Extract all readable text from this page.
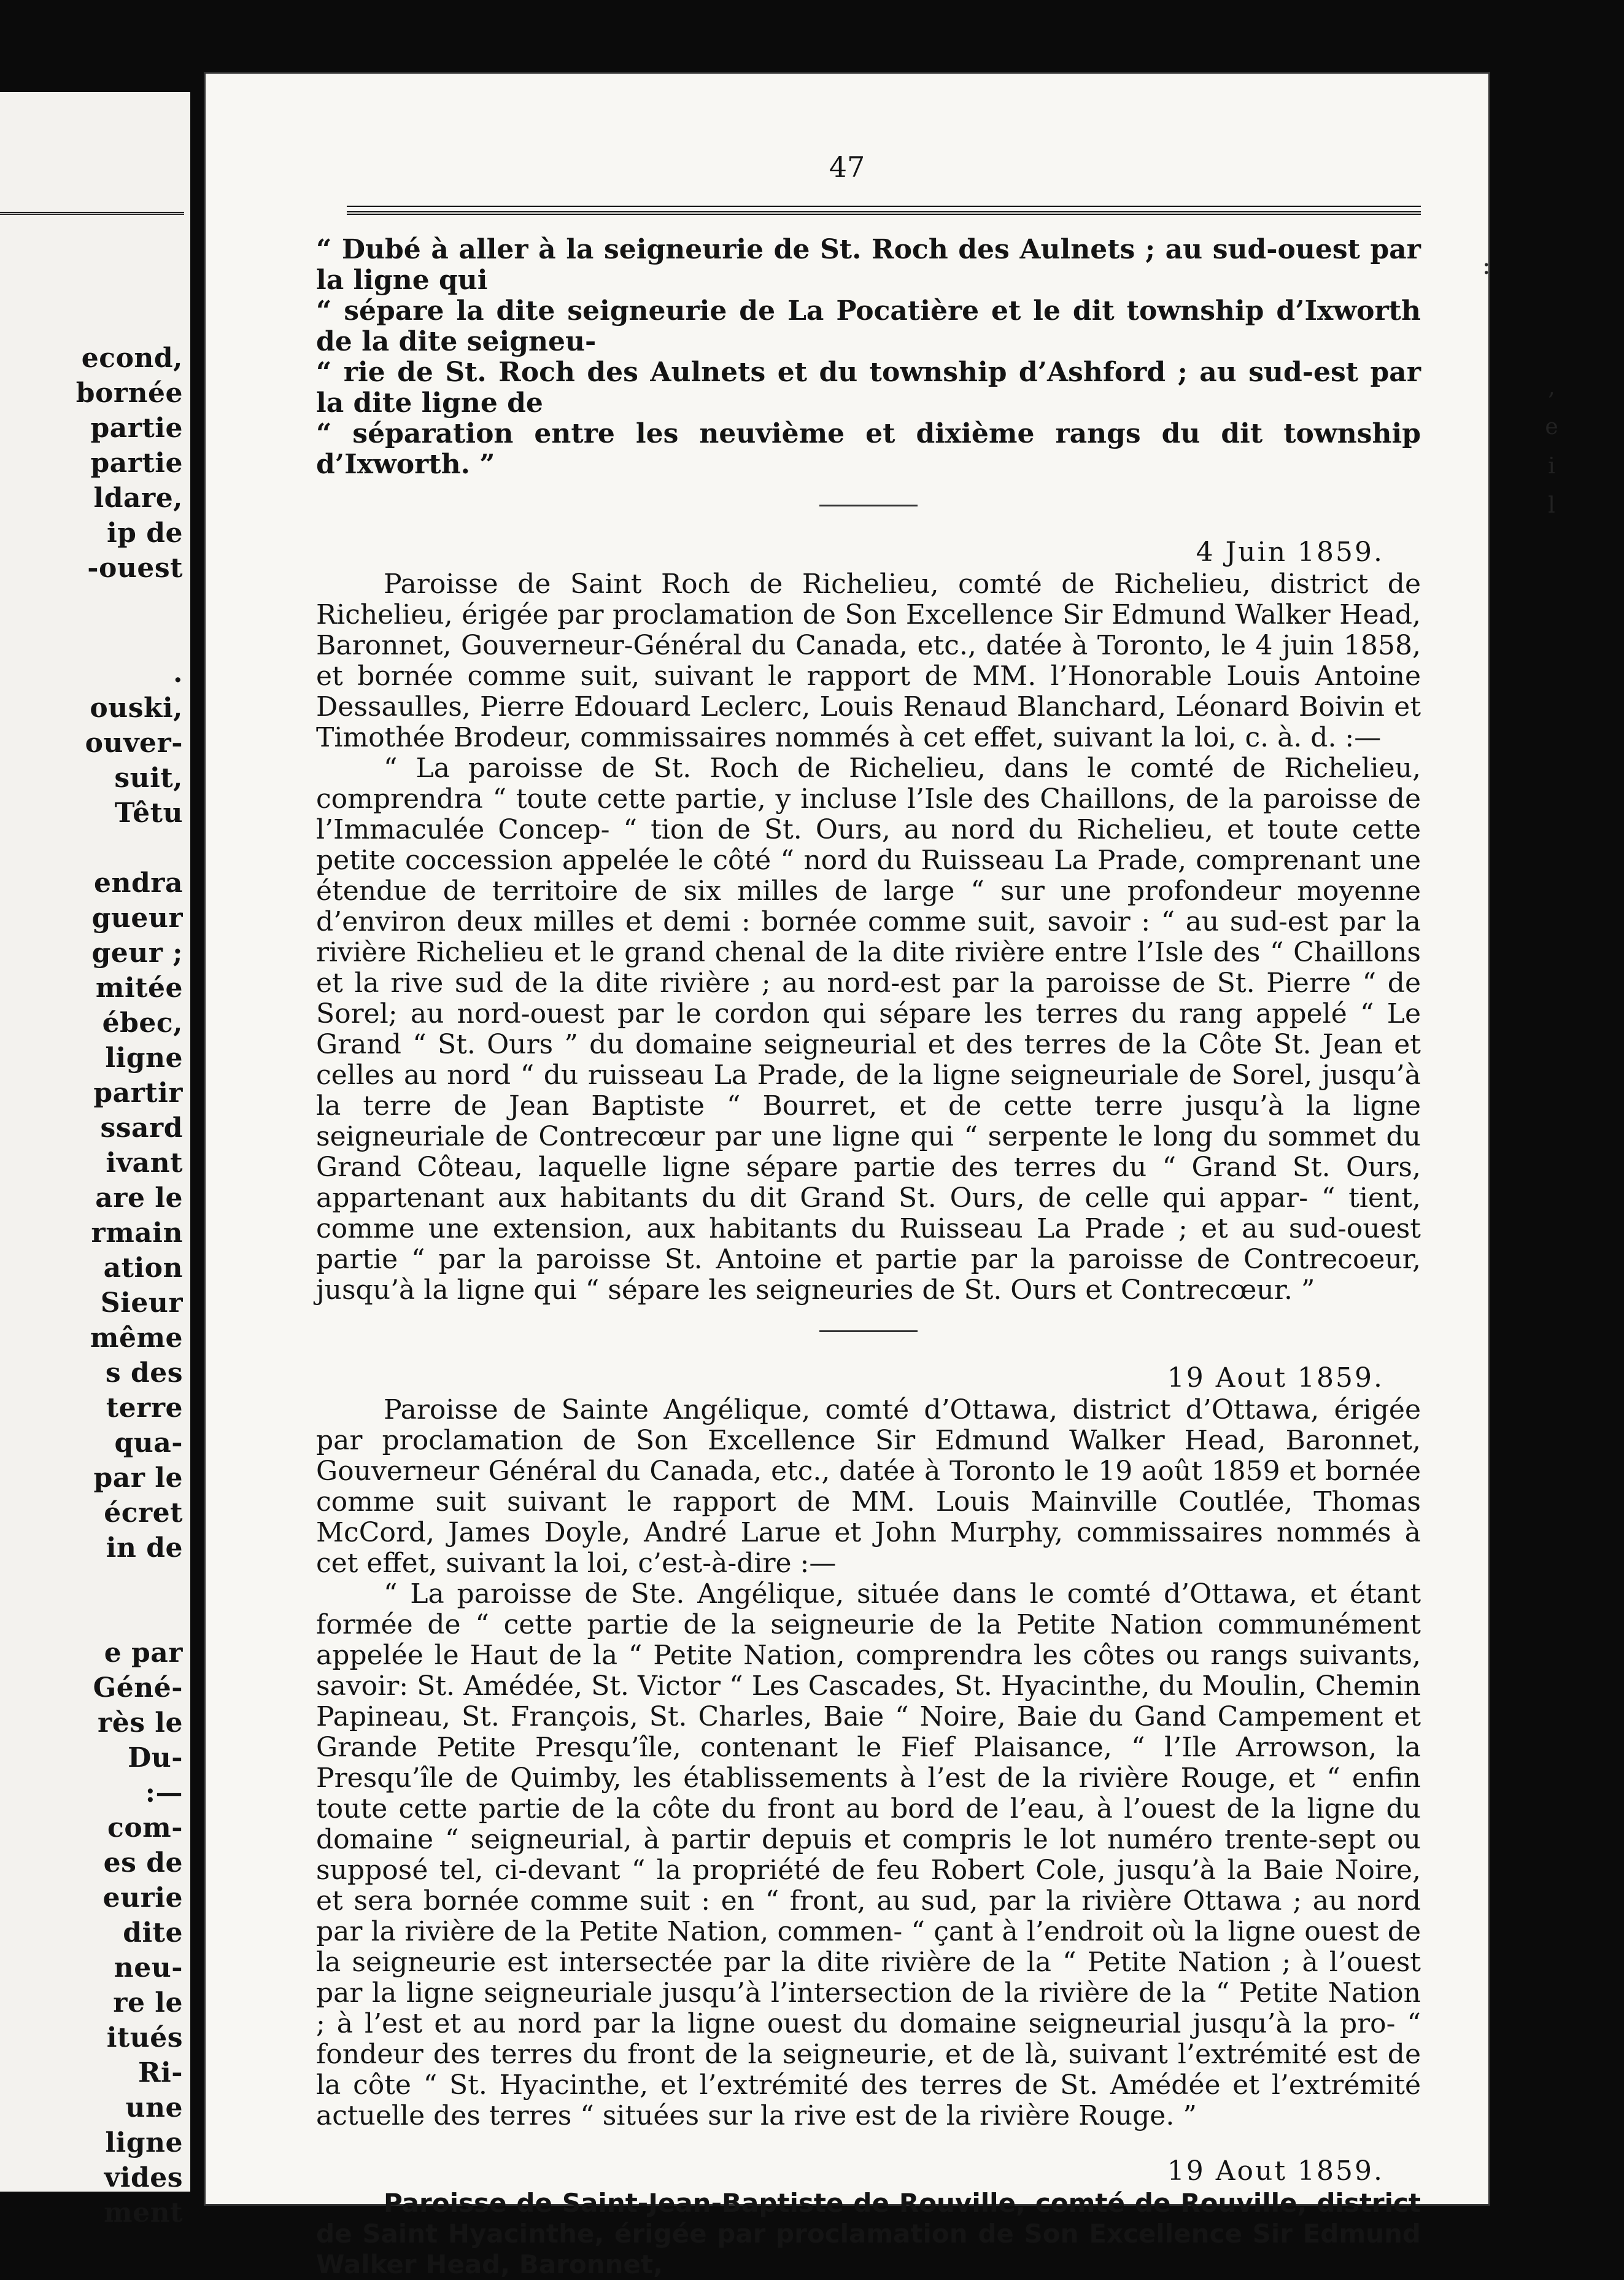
econd,
bornée
partie
partie
ldare,
ip de
-ouest
.
ouski,
ouver-
suit,
Têtu
endra
gueur
geur ;
mitée
ébec,
ligne
partir
ssard
ivant
are le
rmain
ation
Sieur
même
s des
terre
qua-
par le
écret
in de
e par
Géné-
rès le
Du-
:—
com-
es de
eurie
dite
neu-
re le
itués
Ri-
une
ligne
vides
ment
47

“ Dubé à aller à la seigneurie de St. Roch des Aulnets ; au sud-ouest par la ligne qui
“ sépare la dite seigneurie de La Pocatière et le dit township d’Ixworth de la dite seigneu-
“ rie de St. Roch des Aulnets et du township d’Ashford ; au sud-est par la dite ligne de
“ séparation entre les neuvième et dixième rangs du dit township d’Ixworth. ”

4 Juin 1859.

Paroisse de Saint Roch de Richelieu, comté de Richelieu, district de Richelieu, érigée par proclamation de Son Excellence Sir Edmund Walker Head, Baronnet, Gouverneur-Général du Canada, etc., datée à Toronto, le 4 juin 1858, et bornée comme suit, suivant le rapport de MM. l’Honorable Louis Antoine Dessaulles, Pierre Edouard Leclerc, Louis Renaud Blanchard, Léonard Boivin et Timothée Brodeur, commissaires nommés à cet effet, suivant la loi, c. à. d. :—

“ La paroisse de St. Roch de Richelieu, dans le comté de Richelieu, comprendra “ toute cette partie, y incluse l’Isle des Chaillons, de la paroisse de l’Immaculée Concep- “ tion de St. Ours, au nord du Richelieu, et toute cette petite coccession appelée le côté “ nord du Ruisseau La Prade, comprenant une étendue de territoire de six milles de large “ sur une profondeur moyenne d’environ deux milles et demi : bornée comme suit, savoir : “ au sud-est par la rivière Richelieu et le grand chenal de la dite rivière entre l’Isle des “ Chaillons et la rive sud de la dite rivière ; au nord-est par la paroisse de St. Pierre “ de Sorel; au nord-ouest par le cordon qui sépare les terres du rang appelé “ Le Grand “ St. Ours ” du domaine seigneurial et des terres de la Côte St. Jean et celles au nord “ du ruisseau La Prade, de la ligne seigneuriale de Sorel, jusqu’à la terre de Jean Baptiste “ Bourret, et de cette terre jusqu’à la ligne seigneuriale de Contrecœur par une ligne qui “ serpente le long du sommet du Grand Côteau, laquelle ligne sépare partie des terres du “ Grand St. Ours, appartenant aux habitants du dit Grand St. Ours, de celle qui appar- “ tient, comme une extension, aux habitants du Ruisseau La Prade ; et au sud-ouest partie “ par la paroisse St. Antoine et partie par la paroisse de Contrecoeur, jusqu’à la ligne qui “ sépare les seigneuries de St. Ours et Contrecœur. ”

19 Aout 1859.

Paroisse de Sainte Angélique, comté d’Ottawa, district d’Ottawa, érigée par proclamation de Son Excellence Sir Edmund Walker Head, Baronnet, Gouverneur Général du Canada, etc., datée à Toronto le 19 août 1859 et bornée comme suit suivant le rapport de MM. Louis Mainville Coutlée, Thomas McCord, James Doyle, André Larue et John Murphy, commissaires nommés à cet effet, suivant la loi, c’est-à-dire :—

“ La paroisse de Ste. Angélique, située dans le comté d’Ottawa, et étant formée de “ cette partie de la seigneurie de la Petite Nation communément appelée le Haut de la “ Petite Nation, comprendra les côtes ou rangs suivants, savoir: St. Amédée, St. Victor “ Les Cascades, St. Hyacinthe, du Moulin, Chemin Papineau, St. François, St. Charles, Baie “ Noire, Baie du Gand Campement et Grande Petite Presqu’île, contenant le Fief Plaisance, “ l’Ile Arrowson, la Presqu’île de Quimby, les établissements à l’est de la rivière Rouge, et “ enfin toute cette partie de la côte du front au bord de l’eau, à l’ouest de la ligne du domaine “ seigneurial, à partir depuis et compris le lot numéro trente-sept ou supposé tel, ci-devant “ la propriété de feu Robert Cole, jusqu’à la Baie Noire, et sera bornée comme suit : en “ front, au sud, par la rivière Ottawa ; au nord par la rivière de la Petite Nation, commen- “ çant à l’endroit où la ligne ouest de la seigneurie est intersectée par la dite rivière de la “ Petite Nation ; à l’ouest par la ligne seigneuriale jusqu’à l’intersection de la rivière de la “ Petite Nation ; à l’est et au nord par la ligne ouest du domaine seigneurial jusqu’à la pro- “ fondeur des terres du front de la seigneurie, et de là, suivant l’extrémité est de la côte “ St. Hyacinthe, et l’extrémité des terres de St. Amédée et l’extrémité actuelle des terres “ situées sur la rive est de la rivière Rouge. ”

19 Aout 1859.

Paroisse de Saint-Jean-Baptiste de Rouville, comté de Rouville, district de Saint Hyacinthe, érigée par proclamation de Son Excellence Sir Edmund Walker Head, Baronnet,

:
,
e
i
l
